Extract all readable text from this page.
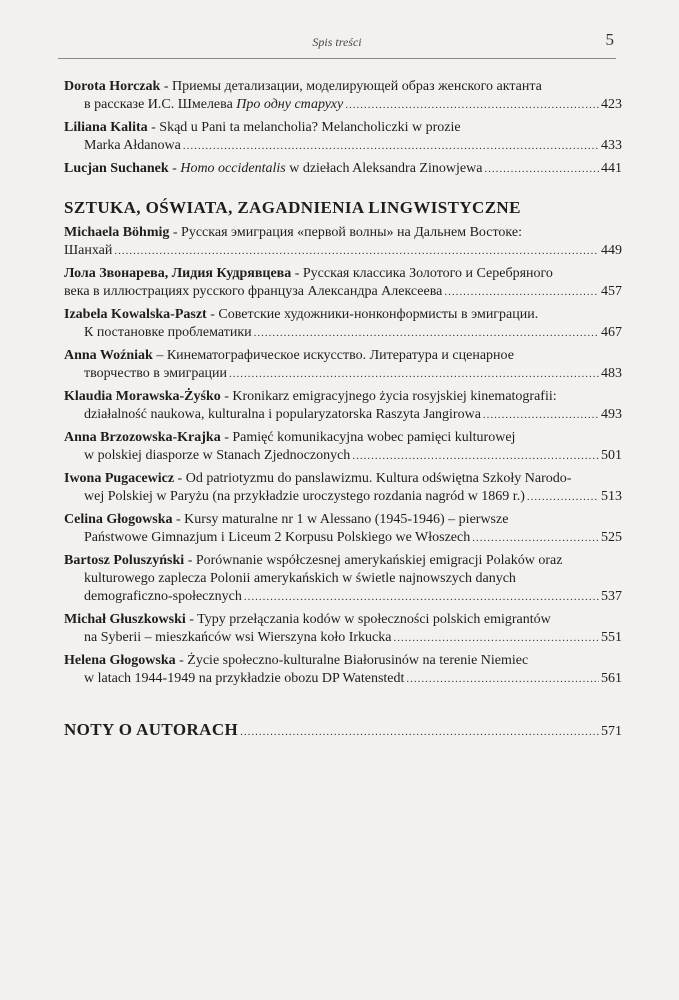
Spis treści	5
Dorota Horczak - Приемы детализации, моделирующей образ женского актанта
в рассказе И.С. Шмелева Про одну старуху .....	423
Liliana Kalita - Skąd u Pani ta melancholia? Melancholiczki w prozie
Marka Ałdanowa .....	433
Lucjan Suchanek - Homo occidentalis w dziełach Aleksandra Zinowjewa .....	441
SZTUKA, OŚWIATA, ZAGADNIENIA LINGWISTYCZNE
Michaela Böhmig - Русская эмиграция «первой волны» на Дальнем Востоке:
Шанхай .....	449
Лола Звонарева, Лидия Кудрявцева - Русская классика Золотого и Серебряного
века в иллюстрациях русского француза Александра Алексеева .....	457
Izabela Kowalska-Paszt - Советские художники-нонконформисты в эмиграции.
К постановке проблематики .....	467
Anna Woźniak – Кинематографическое искусство. Литература и сценарное
творчество в эмиграции .....	483
Klaudia Morawska-Żyśko - Kronikarz emigracyjnego życia rosyjskiej kinematografii:
działalność naukowa, kulturalna i popularyzatorska Raszyta Jangirowa .....	493
Anna Brzozowska-Krajka - Pamięć komunikacyjna wobec pamięci kulturowej
w polskiej diasporze w Stanach Zjednoczonych .....	501
Iwona Pugacewicz - Od patriotyzmu do panslawizmu. Kultura odświętna Szkoły Narodo-
wej Polskiej w Paryżu (na przykładzie uroczystego rozdania nagród w 1869 r.) .....	513
Celina Głogowska - Kursy maturalne nr 1 w Alessano (1945-1946) – pierwsze
Państwowe Gimnazjum i Liceum 2 Korpusu Polskiego we Włoszech .....	525
Bartosz Poluszyński - Porównanie współczesnej amerykańskiej emigracji Polaków oraz
kulturowego zaplecza Polonii amerykańskich w świetle najnowszych danych
demograficzno-społecznych .....	537
Michał Głuszkowski - Typy przełączania kodów w społeczności polskich emigrantów
na Syberii – mieszkańców wsi Wierszyna koło Irkucka .....	551
Helena Głogowska - Życie społeczno-kulturalne Białorusinów na terenie Niemiec
w latach 1944-1949 na przykładzie obozu DP Watenstedt .....	561
NOTY O AUTORACH .....	571
